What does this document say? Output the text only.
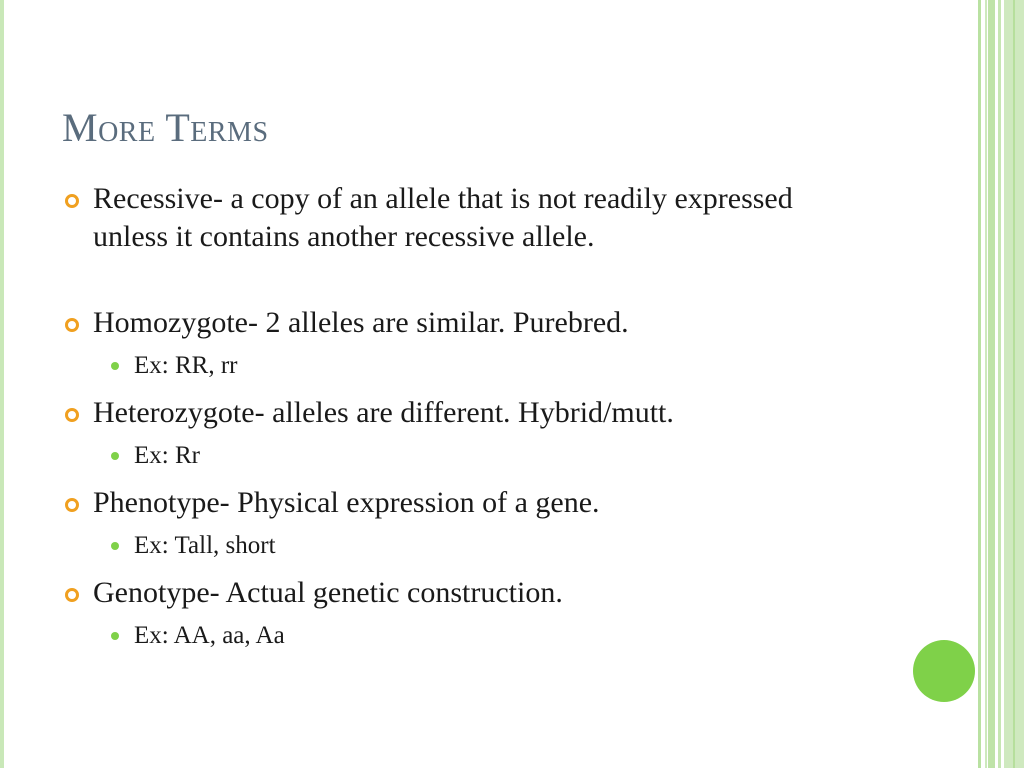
More Terms

Recessive- a copy of an allele that is not readily expressed unless it contains another recessive allele.

Homozygote- 2 alleles are similar. Purebred.

Ex: RR, rr

Heterozygote- alleles are different. Hybrid/mutt.

Ex: Rr

Phenotype- Physical expression of a gene.

Ex: Tall, short

Genotype- Actual genetic construction.

Ex: AA, aa, Aa
